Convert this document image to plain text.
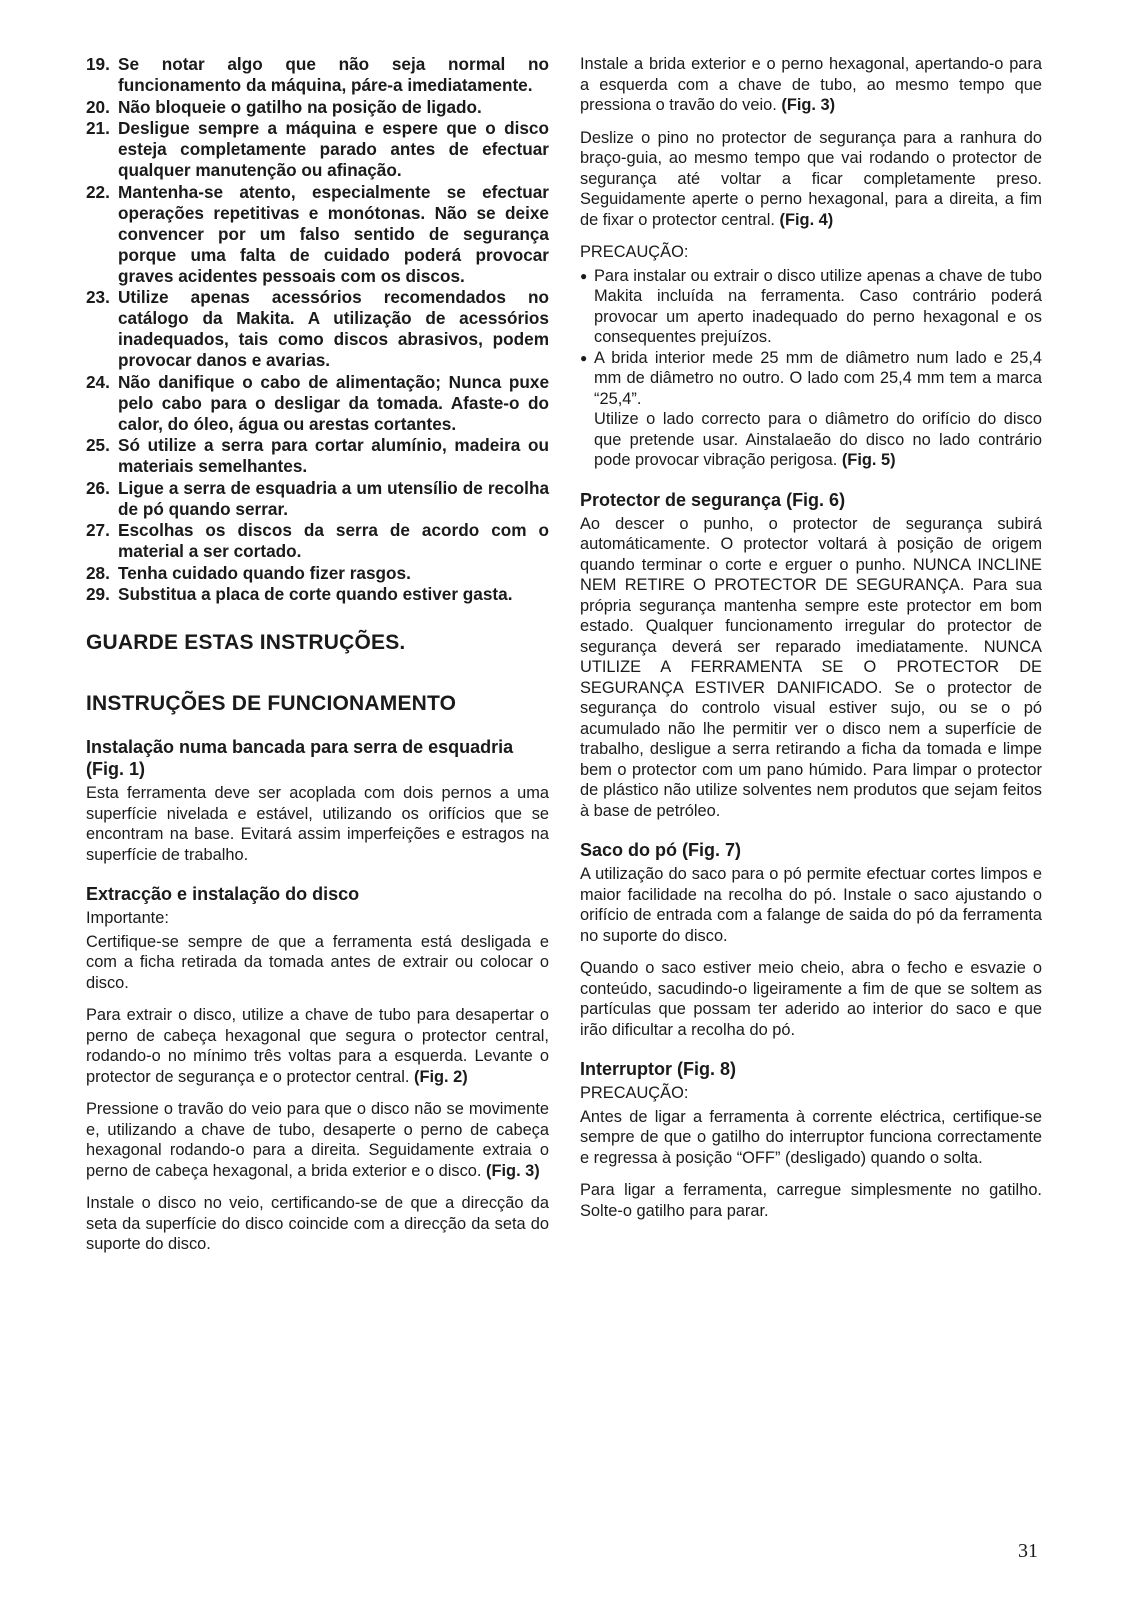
19. Se notar algo que não seja normal no funcionamento da máquina, páre-a imediatamente.
20. Não bloqueie o gatilho na posição de ligado.
21. Desligue sempre a máquina e espere que o disco esteja completamente parado antes de efectuar qualquer manutenção ou afinação.
22. Mantenha-se atento, especialmente se efectuar operações repetitivas e monótonas. Não se deixe convencer por um falso sentido de segurança porque uma falta de cuidado poderá provocar graves acidentes pessoais com os discos.
23. Utilize apenas acessórios recomendados no catálogo da Makita. A utilização de acessórios inadequados, tais como discos abrasivos, podem provocar danos e avarias.
24. Não danifique o cabo de alimentação; Nunca puxe pelo cabo para o desligar da tomada. Afaste-o do calor, do óleo, água ou arestas cortantes.
25. Só utilize a serra para cortar alumínio, madeira ou materiais semelhantes.
26. Ligue a serra de esquadria a um utensílio de recolha de pó quando serrar.
27. Escolhas os discos da serra de acordo com o material a ser cortado.
28. Tenha cuidado quando fizer rasgos.
29. Substitua a placa de corte quando estiver gasta.
GUARDE ESTAS INSTRUÇÕES.
INSTRUÇÕES DE FUNCIONAMENTO
Instalação numa bancada para serra de esquadria (Fig. 1)

Esta ferramenta deve ser acoplada com dois pernos a uma superfície nivelada e estável, utilizando os orifícios que se encontram na base. Evitará assim imperfeições e estragos na superfície de trabalho.

Extracção e instalação do disco

Importante:

Certifique-se sempre de que a ferramenta está desligada e com a ficha retirada da tomada antes de extrair ou colocar o disco.

Para extrair o disco, utilize a chave de tubo para desapertar o perno de cabeça hexagonal que segura o protector central, rodando-o no mínimo três voltas para a esquerda. Levante o protector de segurança e o protector central. (Fig. 2)

Pressione o travão do veio para que o disco não se movimente e, utilizando a chave de tubo, desaperte o perno de cabeça hexagonal rodando-o para a direita. Seguidamente extraia o perno de cabeça hexagonal, a brida exterior e o disco. (Fig. 3)

Instale o disco no veio, certificando-se de que a direcção da seta da superfície do disco coincide com a direcção da seta do suporte do disco.

Instale a brida exterior e o perno hexagonal, apertando-o para a esquerda com a chave de tubo, ao mesmo tempo que pressiona o travão do veio. (Fig. 3)

Deslize o pino no protector de segurança para a ranhura do braço-guia, ao mesmo tempo que vai rodando o protector de segurança até voltar a ficar completamente preso. Seguidamente aperte o perno hexagonal, para a direita, a fim de fixar o protector central. (Fig. 4)

PRECAUÇÃO:

● Para instalar ou extrair o disco utilize apenas a chave de tubo Makita incluída na ferramenta. Caso contrário poderá provocar um aperto inadequado do perno hexagonal e os consequentes prejuízos.
● A brida interior mede 25 mm de diâmetro num lado e 25,4 mm de diâmetro no outro. O lado com 25,4 mm tem a marca “25,4”.
Utilize o lado correcto para o diâmetro do orifício do disco que pretende usar. Ainstalaeão do disco no lado contrário pode provocar vibração perigosa. (Fig. 5)
Protector de segurança (Fig. 6)

Ao descer o punho, o protector de segurança subirá automáticamente. O protector voltará à posição de origem quando terminar o corte e erguer o punho. NUNCA INCLINE NEM RETIRE O PROTECTOR DE SEGURANÇA. Para sua própria segurança mantenha sempre este protector em bom estado. Qualquer funcionamento irregular do protector de segurança deverá ser reparado imediatamente. NUNCA UTILIZE A FERRAMENTA SE O PROTECTOR DE SEGURANÇA ESTIVER DANIFICADO. Se o protector de segurança do controlo visual estiver sujo, ou se o pó acumulado não lhe permitir ver o disco nem a superfície de trabalho, desligue a serra retirando a ficha da tomada e limpe bem o protector com um pano húmido. Para limpar o protector de plástico não utilize solventes nem produtos que sejam feitos à base de petróleo.

Saco do pó (Fig. 7)

A utilização do saco para o pó permite efectuar cortes limpos e maior facilidade na recolha do pó. Instale o saco ajustando o orifício de entrada com a falange de saida do pó da ferramenta no suporte do disco.

Quando o saco estiver meio cheio, abra o fecho e esvazie o conteúdo, sacudindo-o ligeiramente a fim de que se soltem as partículas que possam ter aderido ao interior do saco e que irão dificultar a recolha do pó.

Interruptor (Fig. 8)

PRECAUÇÃO:

Antes de ligar a ferramenta à corrente eléctrica, certifique-se sempre de que o gatilho do interruptor funciona correctamente e regressa à posição “OFF” (desligado) quando o solta.

Para ligar a ferramenta, carregue simplesmente no gatilho. Solte-o gatilho para parar.

31
